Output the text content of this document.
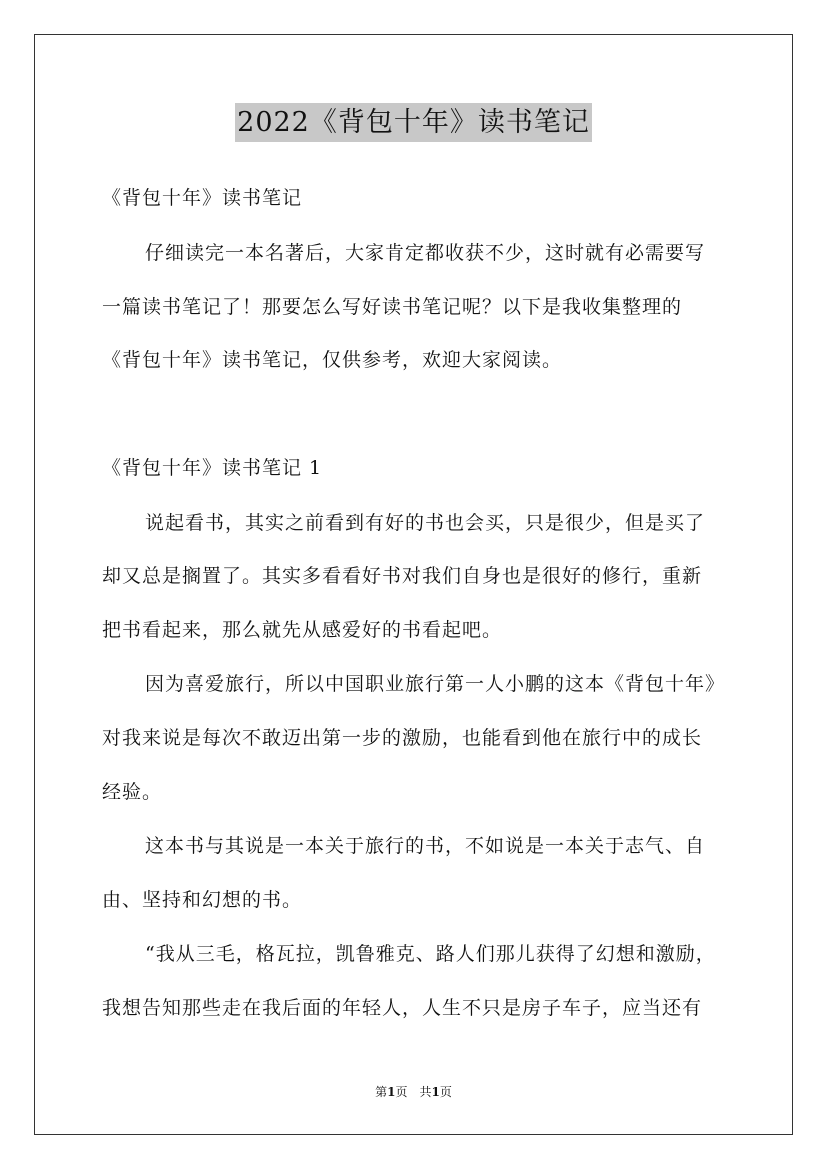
2022《背包十年》读书笔记
《背包十年》读书笔记
仔细读完一本名著后，大家肯定都收获不少，这时就有必需要写
一篇读书笔记了！那要怎么写好读书笔记呢？以下是我收集整理的
《背包十年》读书笔记，仅供参考，欢迎大家阅读。
《背包十年》读书笔记 1
说起看书，其实之前看到有好的书也会买，只是很少，但是买了
却又总是搁置了。其实多看看好书对我们自身也是很好的修行，重新
把书看起来，那么就先从感爱好的书看起吧。
因为喜爱旅行，所以中国职业旅行第一人小鹏的这本《背包十年》
对我来说是每次不敢迈出第一步的激励，也能看到他在旅行中的成长
经验。
这本书与其说是一本关于旅行的书，不如说是一本关于志气、自
由、坚持和幻想的书。
“我从三毛，格瓦拉，凯鲁雅克、路人们那儿获得了幻想和激励，
我想告知那些走在我后面的年轻人，人生不只是房子车子，应当还有
第1页　共1页
